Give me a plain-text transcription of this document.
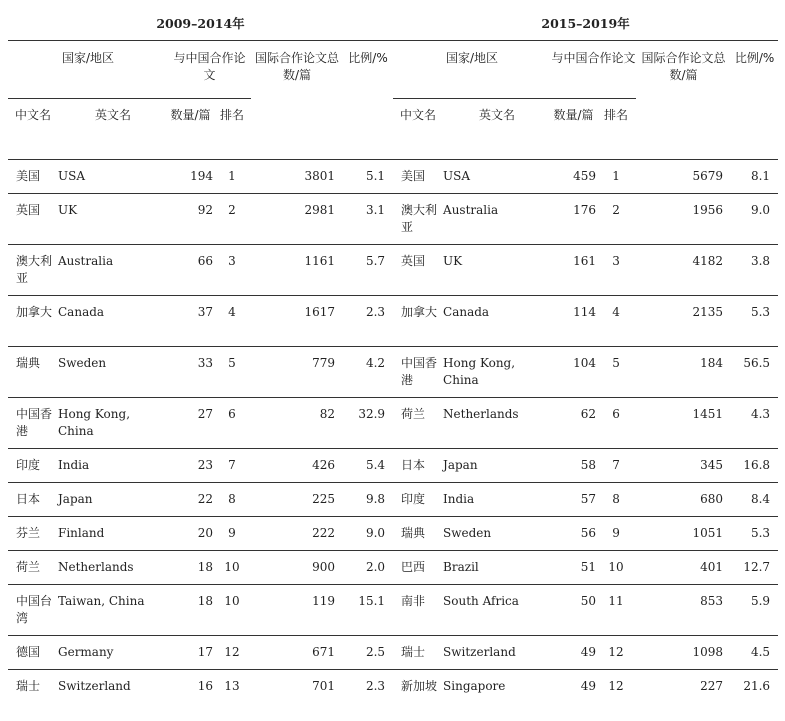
2009–2014年						2015–2019年					
国家/地区		与中国合作论文		国际合作论文总数/篇	比例/%	国家/地区		与中国合作论文		国际合作论文总数/篇	比例/%
中文名	英文名	数量/篇	排名			中文名	英文名	数量/篇	排名		
美国	USA	194	1	3801	5.1	美国	USA	459	1	5679	8.1
英国	UK	92	2	2981	3.1	澳大利亚	Australia	176	2	1956	9.0
澳大利亚	Australia	66	3	1161	5.7	英国	UK	161	3	4182	3.8
加拿大	Canada	37	4	1617	2.3	加拿大	Canada	114	4	2135	5.3
瑞典	Sweden	33	5	779	4.2	中国香港	Hong Kong, China	104	5	184	56.5
中国香港	Hong Kong, China	27	6	82	32.9	荷兰	Netherlands	62	6	1451	4.3
印度	India	23	7	426	5.4	日本	Japan	58	7	345	16.8
日本	Japan	22	8	225	9.8	印度	India	57	8	680	8.4
芬兰	Finland	20	9	222	9.0	瑞典	Sweden	56	9	1051	5.3
荷兰	Netherlands	18	10	900	2.0	巴西	Brazil	51	10	401	12.7
中国台湾	Taiwan, China	18	10	119	15.1	南非	South Africa	50	11	853	5.9
德国	Germany	17	12	671	2.5	瑞士	Switzerland	49	12	1098	4.5
瑞士	Switzerland	16	13	701	2.3	新加坡	Singapore	49	12	227	21.6
